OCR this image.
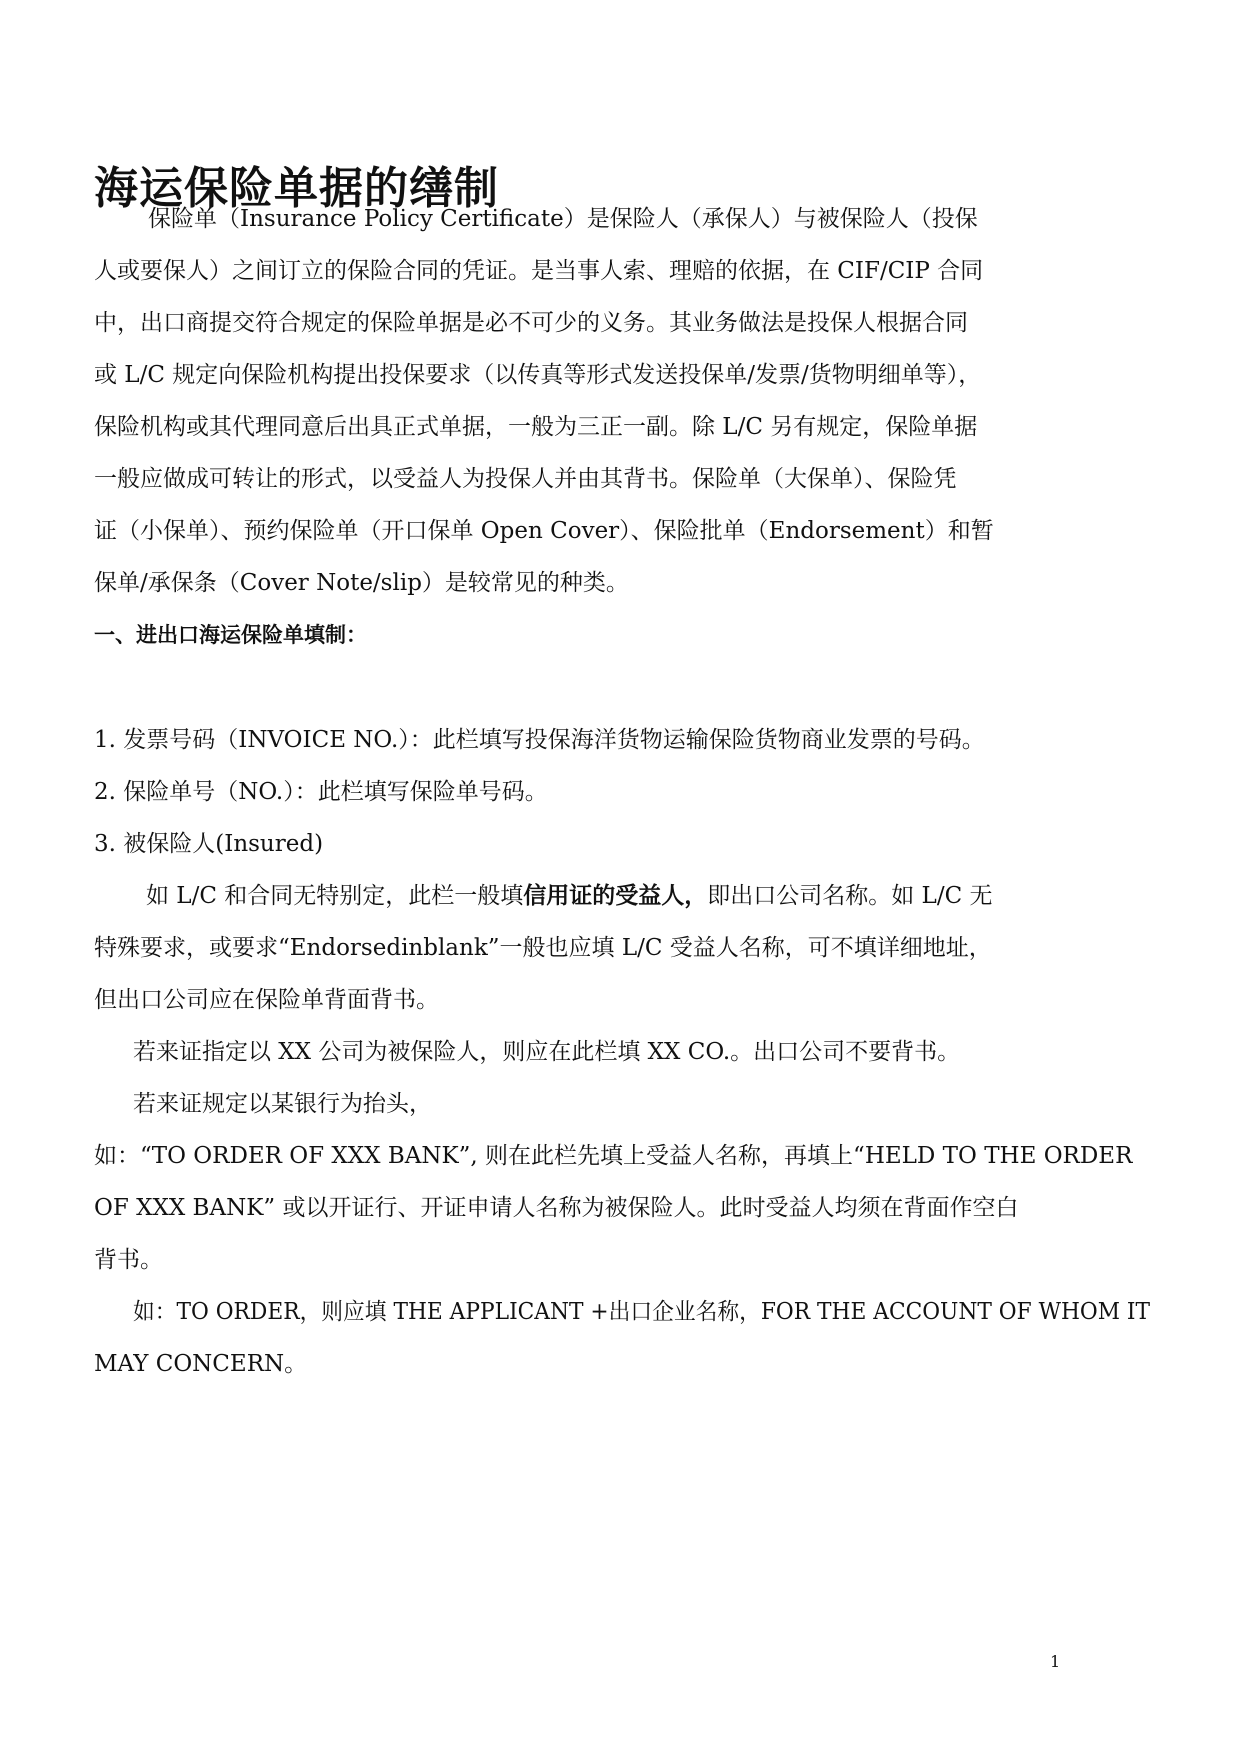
海运保险单据的缮制
保险单（Insurance Policy Certificate）是保险人（承保人）与被保险人（投保
人或要保人）之间订立的保险合同的凭证。是当事人索、理赔的依据，在 CIF/CIP 合同
中，出口商提交符合规定的保险单据是必不可少的义务。其业务做法是投保人根据合同
或 L/C 规定向保险机构提出投保要求（以传真等形式发送投保单/发票/货物明细单等），
保险机构或其代理同意后出具正式单据，一般为三正一副。除 L/C 另有规定，保险单据
一般应做成可转让的形式，以受益人为投保人并由其背书。保险单（大保单）、保险凭
证（小保单）、预约保险单（开口保单 Open Cover）、保险批单（Endorsement）和暂
保单/承保条（Cover Note/slip）是较常见的种类。
一、进出口海运保险单填制：
1. 发票号码（INVOICE NO.）：此栏填写投保海洋货物运输保险货物商业发票的号码。
2. 保险单号（NO.）：此栏填写保险单号码。
3. 被保险人(Insured)
如 L/C 和合同无特别定，此栏一般填信用证的受益人，即出口公司名称。如 L/C 无
特殊要求，或要求“Endorsedinblank”一般也应填 L/C 受益人名称，可不填详细地址，
但出口公司应在保险单背面背书。
若来证指定以 XX 公司为被保险人，则应在此栏填 XX CO.。出口公司不要背书。
若来证规定以某银行为抬头，
如：“TO ORDER OF XXX BANK”, 则在此栏先填上受益人名称，再填上“HELD TO THE ORDER
OF XXX BANK” 或以开证行、开证申请人名称为被保险人。此时受益人均须在背面作空白
背书。
如：TO ORDER，则应填 THE APPLICANT +出口企业名称，FOR THE ACCOUNT OF WHOM IT
MAY CONCERN。
1
